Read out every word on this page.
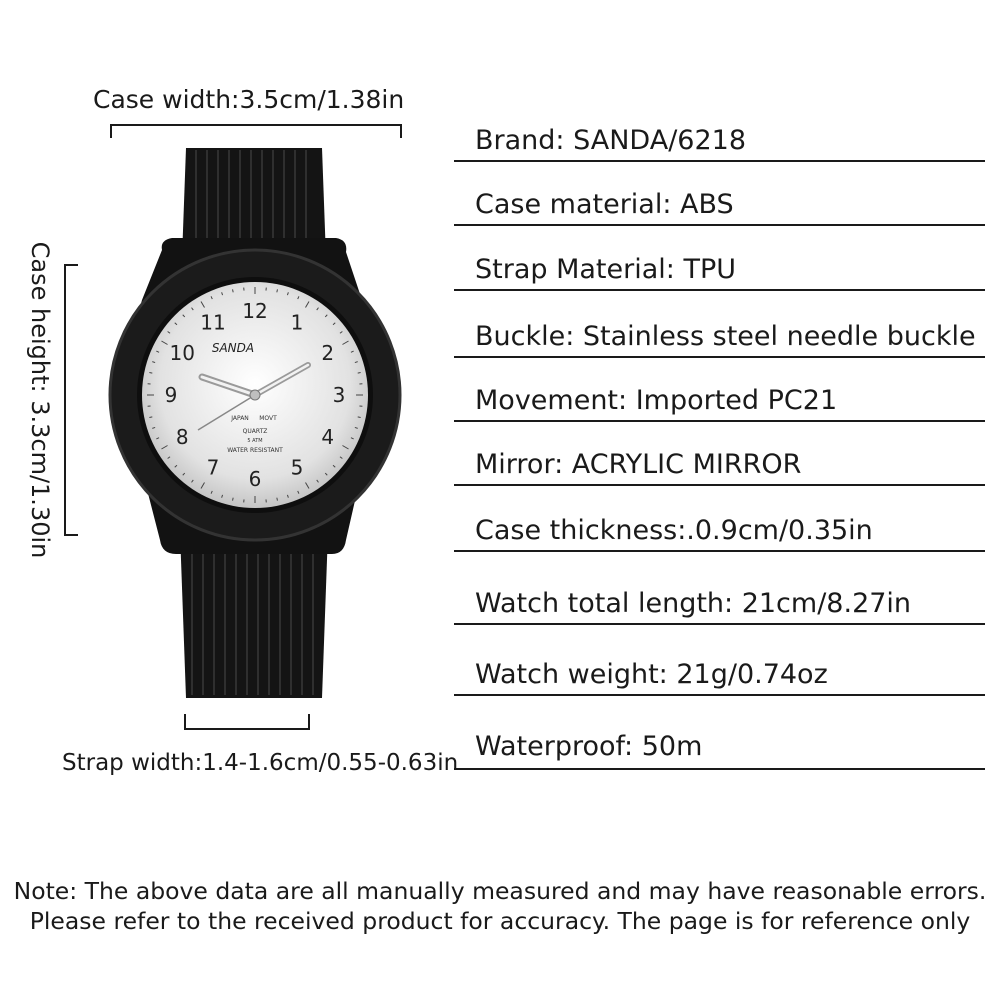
Case width:3.5cm/1.38in
Case height: 3.3cm/1.30in
Strap width:1.4-1.6cm/0.55-0.63in
12 1
2
3
4
5
6
7
8
9
10
11
SANDA
JAPAN MOVT
QUARTZ
5 ATM
WATER RESISTANT
Brand: SANDA/6218
Case material: ABS
Strap Material: TPU
Buckle: Stainless steel needle buckle
Movement: Imported PC21
Mirror: ACRYLIC MIRROR
Case thickness:.0.9cm/0.35in
Watch total length: 21cm/8.27in
Watch weight: 21g/0.74oz
Waterproof: 50m
Note: The above data are all manually measured and may have reasonable errors.
Please refer to the received product for accuracy. The page is for reference only
